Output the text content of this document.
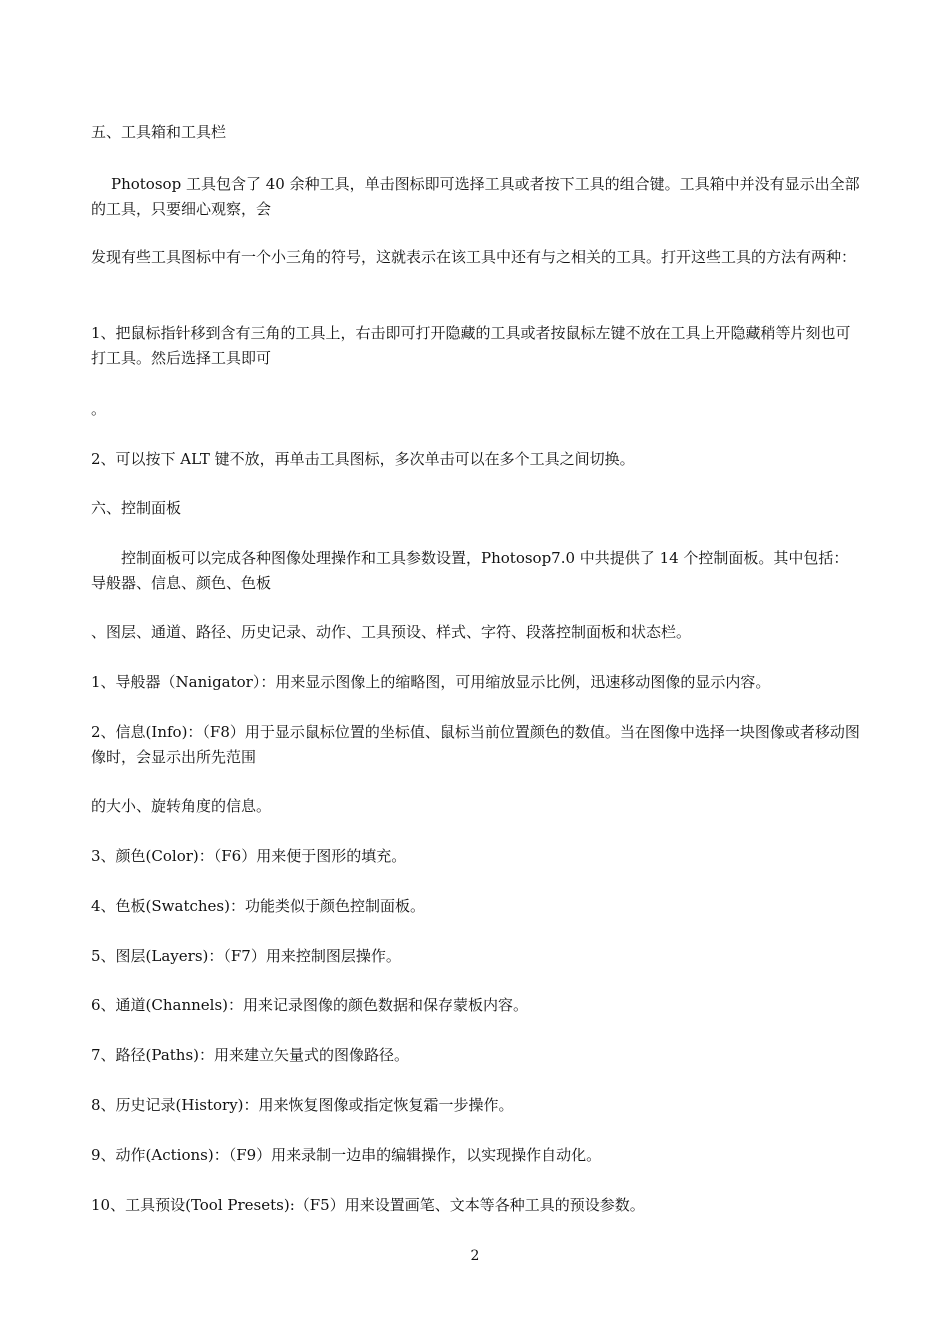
五、工具箱和工具栏

Photosop 工具包含了 40 余种工具，单击图标即可选择工具或者按下工具的组合键。工具箱中并没有显示出全部的工具，只要细心观察，会

发现有些工具图标中有一个小三角的符号，这就表示在该工具中还有与之相关的工具。打开这些工具的方法有两种：

1、把鼠标指针移到含有三角的工具上，右击即可打开隐藏的工具或者按鼠标左键不放在工具上开隐藏稍等片刻也可打工具。然后选择工具即可

。

2、可以按下 ALT 键不放，再单击工具图标，多次单击可以在多个工具之间切换。

六、控制面板

控制面板可以完成各种图像处理操作和工具参数设置，Photosop7.0 中共提供了 14 个控制面板。其中包括：导般器、信息、颜色、色板

、图层、通道、路径、历史记录、动作、工具预设、样式、字符、段落控制面板和状态栏。

1、导般器（Nanigator）：用来显示图像上的缩略图，可用缩放显示比例，迅速移动图像的显示内容。

2、信息(Info)：（F8）用于显示鼠标位置的坐标值、鼠标当前位置颜色的数值。当在图像中选择一块图像或者移动图像时，会显示出所先范围

的大小、旋转角度的信息。

3、颜色(Color)：（F6）用来便于图形的填充。

4、色板(Swatches)：功能类似于颜色控制面板。

5、图层(Layers)：（F7）用来控制图层操作。

6、通道(Channels)：用来记录图像的颜色数据和保存蒙板内容。

7、路径(Paths)：用来建立矢量式的图像路径。

8、历史记录(History)：用来恢复图像或指定恢复霜一步操作。

9、动作(Actions)：（F9）用来录制一边串的编辑操作，以实现操作自动化。

10、工具预设(Tool Presets):（F5）用来设置画笔、文本等各种工具的预设参数。

2
